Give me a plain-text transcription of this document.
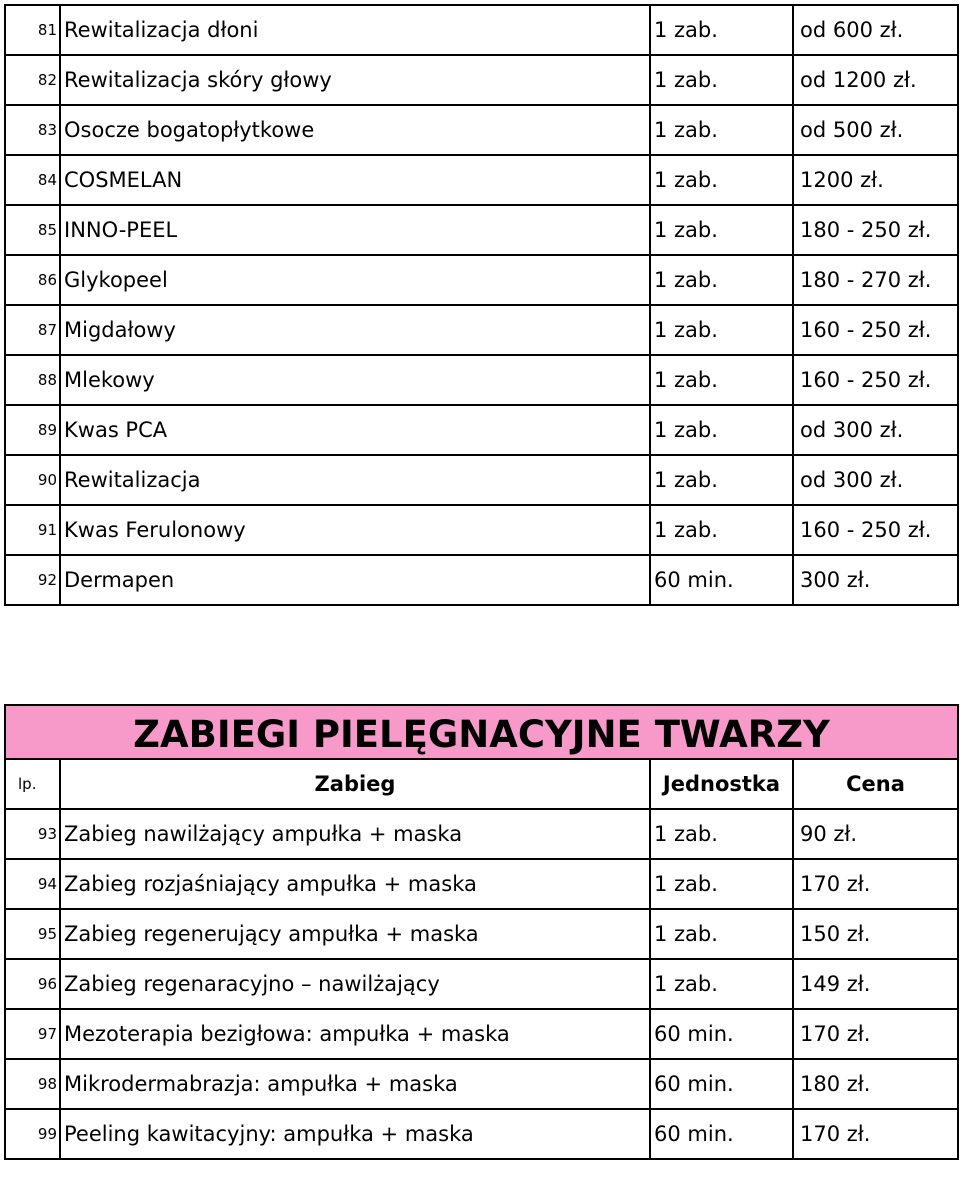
81	Rewitalizacja dłoni	1 zab.	od 600 zł.
82	Rewitalizacja skóry głowy	1 zab.	od 1200 zł.
83	Osocze bogatopłytkowe	1 zab.	od 500 zł.
84	COSMELAN	1 zab.	1200 zł.
85	INNO-PEEL	1 zab.	180 - 250 zł.
86	Glykopeel	1 zab.	180 - 270 zł.
87	Migdałowy	1 zab.	160 - 250 zł.
88	Mlekowy	1 zab.	160 - 250 zł.
89	Kwas PCA	1 zab.	od 300 zł.
90	Rewitalizacja	1 zab.	od 300 zł.
91	Kwas Ferulonowy	1 zab.	160 - 250 zł.
92	Dermapen	60 min.	300 zł.
ZABIEGI PIELĘGNACYJNE TWARZY			
lp.	Zabieg	Jednostka	Cena
93	Zabieg nawilżający ampułka + maska	1 zab.	90 zł.
94	Zabieg rozjaśniający ampułka + maska	1 zab.	170 zł.
95	Zabieg regenerujący ampułka + maska	1 zab.	150 zł.
96	Zabieg regenaracyjno – nawilżający	1 zab.	149 zł.
97	Mezoterapia bezigłowa: ampułka + maska	60 min.	170 zł.
98	Mikrodermabrazja: ampułka + maska	60 min.	180 zł.
99	Peeling kawitacyjny: ampułka + maska	60 min.	170 zł.
